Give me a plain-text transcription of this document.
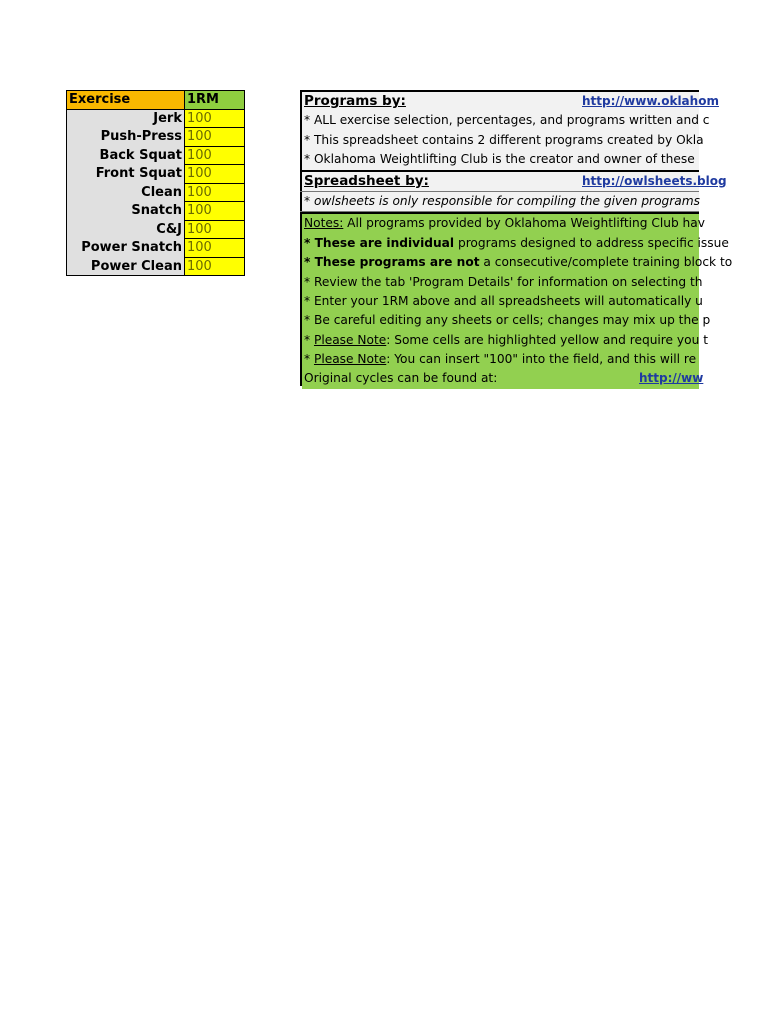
Exercise	1RM
Jerk	100
Push-Press	100
Back Squat	100
Front Squat	100
Clean	100
Snatch	100
C&J	100
Power Snatch	100
Power Clean	100
Programs by:	http://www.oklahom
* ALL exercise selection, percentages, and programs written and c
* This spreadsheet contains 2 different programs created by Okla
* Oklahoma Weightlifting Club is the creator and owner of these
Spreadsheet by:	http://owlsheets.blog
* owlsheets is only responsible for compiling the given programs
Notes: All programs provided by Oklahoma Weightlifting Club hav
* These are individual programs designed to address specific issue
* These programs are not a consecutive/complete training block to
* Review the tab 'Program Details' for information on selecting th
* Enter your 1RM above and all spreadsheets will automatically u
* Be careful editing any sheets or cells; changes may mix up the p
* Please Note: Some cells are highlighted yellow and require you t
* Please Note: You can insert "100" into the field, and this will re
Original cycles can be found at:	http://ww
